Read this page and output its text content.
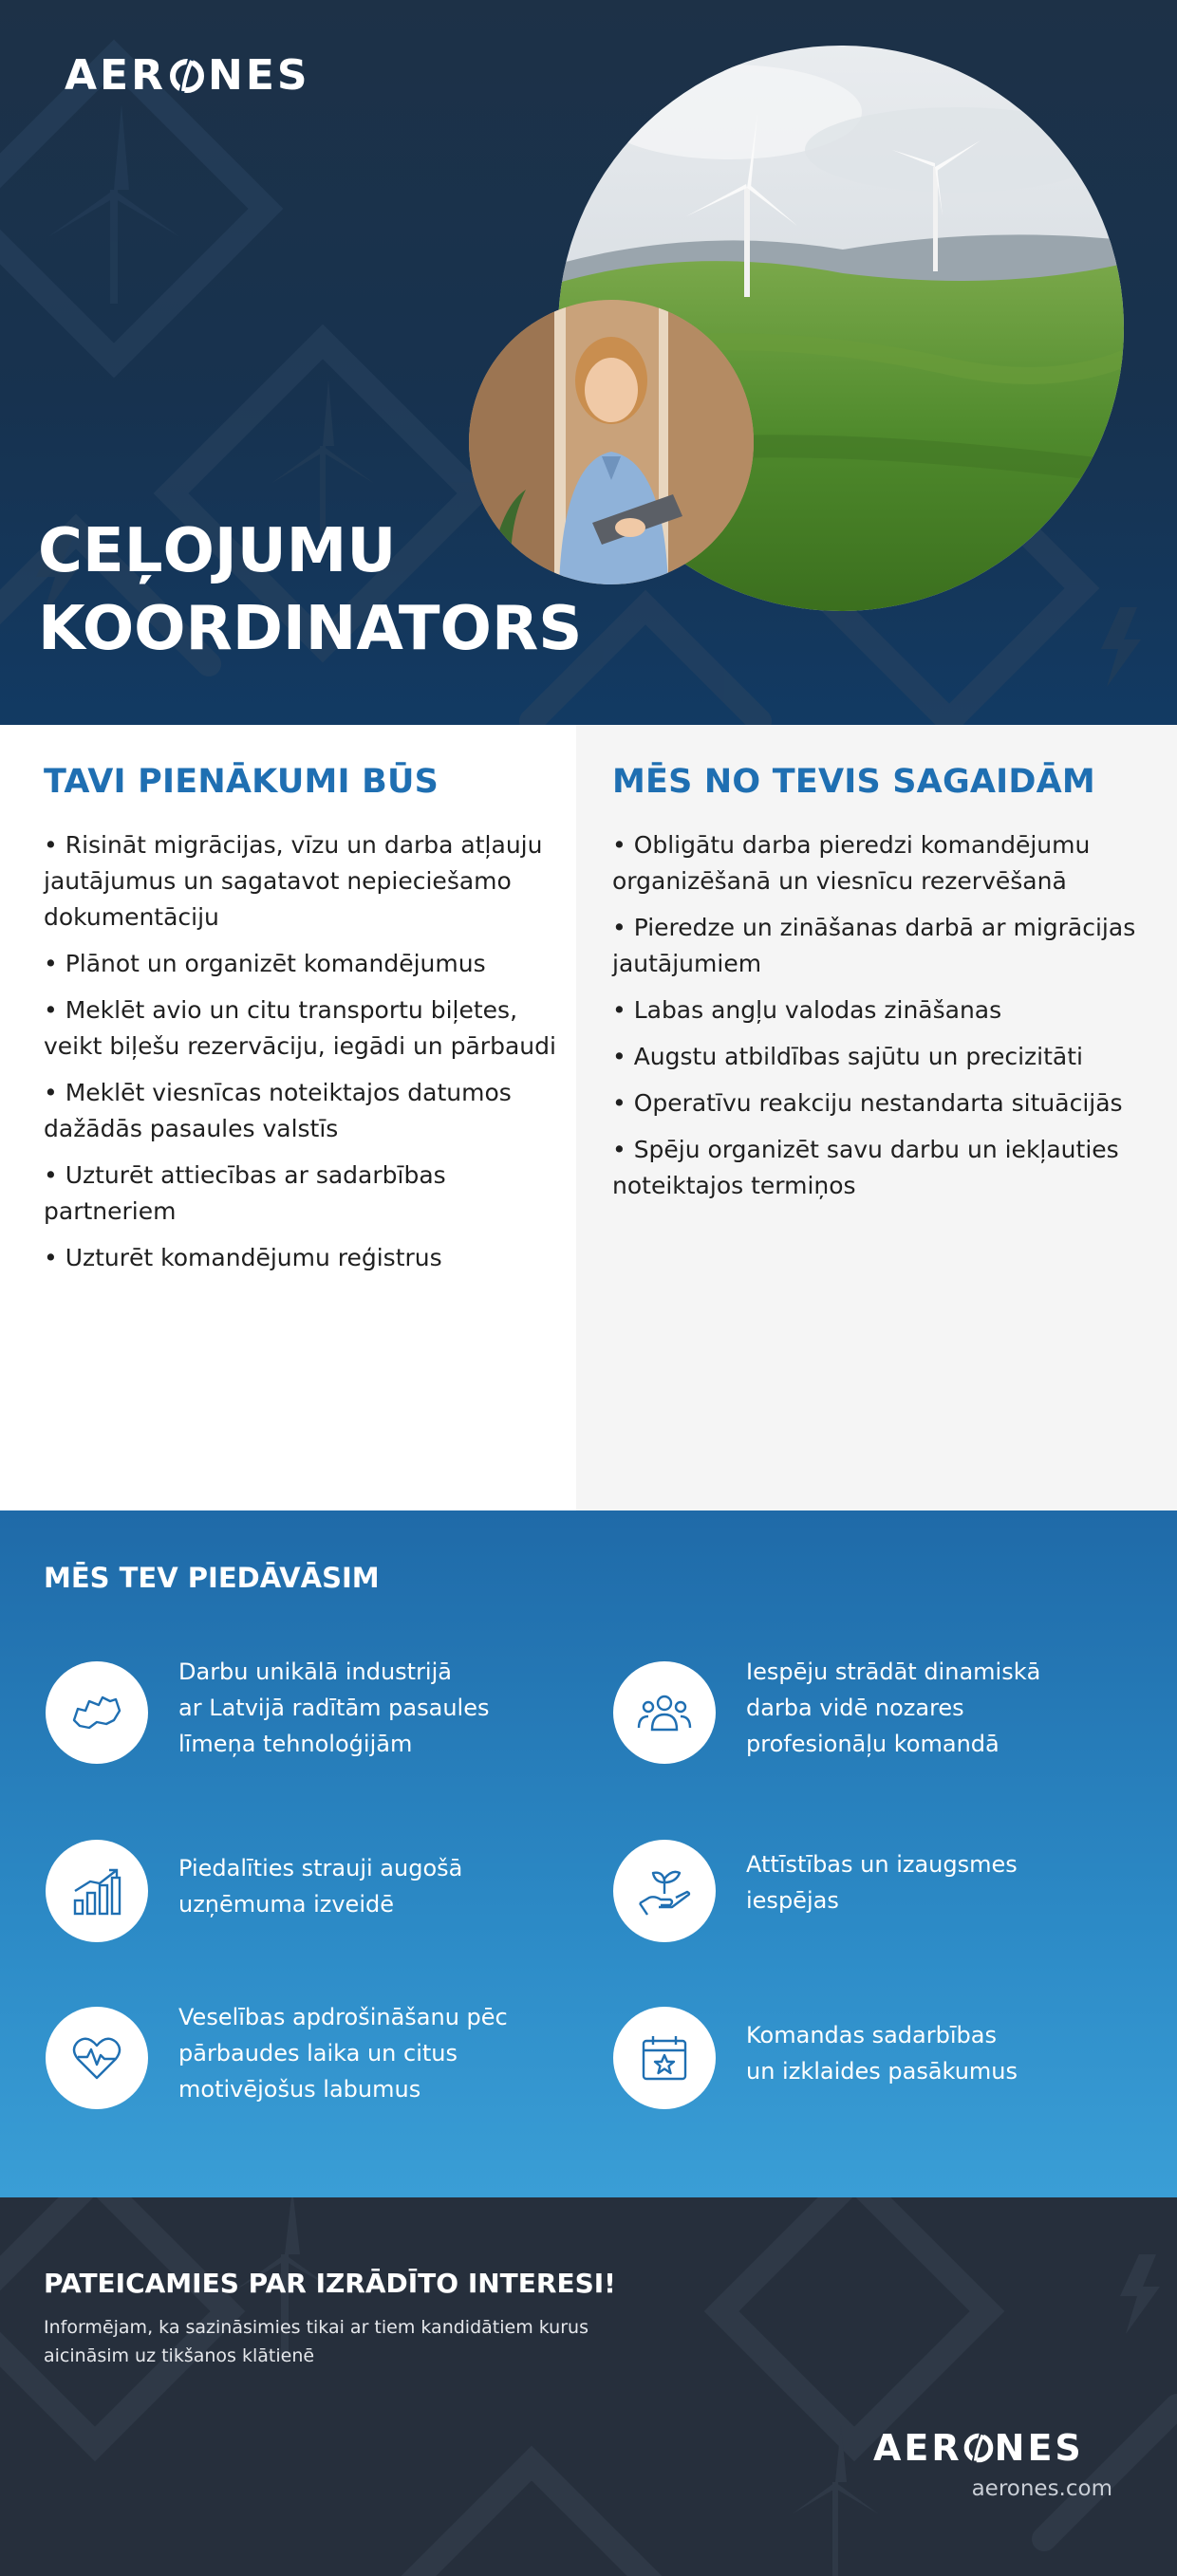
AER NES
CEĻOJUMU
KOORDINATORS
TAVI PIENĀKUMI BŪS
• Risināt migrācijas, vīzu un darba atļauju jautājumus un sagatavot nepieciešamo dokumentāciju
• Plānot un organizēt komandējumus
• Meklēt avio un citu transportu biļetes, veikt biļešu rezervāciju, iegādi un pārbaudi
• Meklēt viesnīcas noteiktajos datumos dažādās pasaules valstīs
• Uzturēt attiecības ar sadarbības partneriem
• Uzturēt komandējumu reģistrus
MĒS NO TEVIS SAGAIDĀM
• Obligātu darba pieredzi komandējumu organizēšanā un viesnīcu rezervēšanā
• Pieredze un zināšanas darbā ar migrācijas jautājumiem
• Labas angļu valodas zināšanas
• Augstu atbildības sajūtu un precizitāti
• Operatīvu reakciju nestandarta situācijās
• Spēju organizēt savu darbu un iekļauties noteiktajos termiņos
MĒS TEV PIEDĀVĀSIM
Darbu unikālā industrijā
ar Latvijā radītām pasaules
līmeņa tehnoloģijām
Iespēju strādāt dinamiskā
darba vidē nozares
profesionāļu komandā
Piedalīties strauji augošā
uzņēmuma izveidē
Attīstības un izaugsmes
iespējas
Veselības apdrošināšanu pēc
pārbaudes laika un citus
motivējošus labumus
Komandas sadarbības
un izklaides pasākumus
PATEICAMIES PAR IZRĀDĪTO INTERESI!

Informējam, ka sazināsimies tikai ar tiem kandidātiem kurus
aicināsim uz tikšanos klātienē

AER NES
aerones.com
